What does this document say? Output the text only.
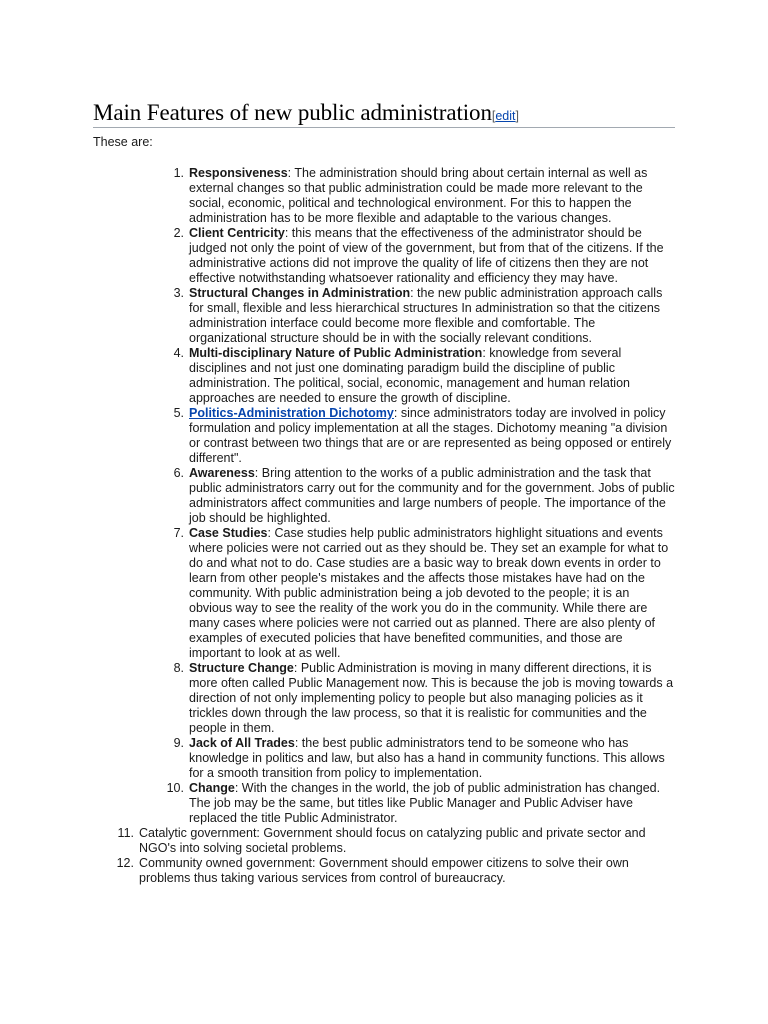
Main Features of new public administration[edit]

These are:

1. Responsiveness: The administration should bring about certain internal as well as external changes so that public administration could be made more relevant to the social, economic, political and technological environment. For this to happen the administration has to be more flexible and adaptable to the various changes.
2. Client Centricity: this means that the effectiveness of the administrator should be judged not only the point of view of the government, but from that of the citizens. If the administrative actions did not improve the quality of life of citizens then they are not effective notwithstanding whatsoever rationality and efficiency they may have.
3. Structural Changes in Administration: the new public administration approach calls for small, flexible and less hierarchical structures In administration so that the citizens administration interface could become more flexible and comfortable. The organizational structure should be in with the socially relevant conditions.
4. Multi-disciplinary Nature of Public Administration: knowledge from several disciplines and not just one dominating paradigm build the discipline of public administration. The political, social, economic, management and human relation approaches are needed to ensure the growth of discipline.
5. Politics-Administration Dichotomy: since administrators today are involved in policy formulation and policy implementation at all the stages. Dichotomy meaning "a division or contrast between two things that are or are represented as being opposed or entirely different".
6. Awareness: Bring attention to the works of a public administration and the task that public administrators carry out for the community and for the government. Jobs of public administrators affect communities and large numbers of people. The importance of the job should be highlighted.
7. Case Studies: Case studies help public administrators highlight situations and events where policies were not carried out as they should be. They set an example for what to do and what not to do. Case studies are a basic way to break down events in order to learn from other people's mistakes and the affects those mistakes have had on the community. With public administration being a job devoted to the people; it is an obvious way to see the reality of the work you do in the community. While there are many cases where policies were not carried out as planned. There are also plenty of examples of executed policies that have benefited communities, and those are important to look at as well.
8. Structure Change: Public Administration is moving in many different directions, it is more often called Public Management now. This is because the job is moving towards a direction of not only implementing policy to people but also managing policies as it trickles down through the law process, so that it is realistic for communities and the people in them.
9. Jack of All Trades: the best public administrators tend to be someone who has knowledge in politics and law, but also has a hand in community functions. This allows for a smooth transition from policy to implementation.
10. Change: With the changes in the world, the job of public administration has changed. The job may be the same, but titles like Public Manager and Public Adviser have replaced the title Public Administrator.
11. Catalytic government: Government should focus on catalyzing public and private sector and NGO's into solving societal problems.
12. Community owned government: Government should empower citizens to solve their own problems thus taking various services from control of bureaucracy.
